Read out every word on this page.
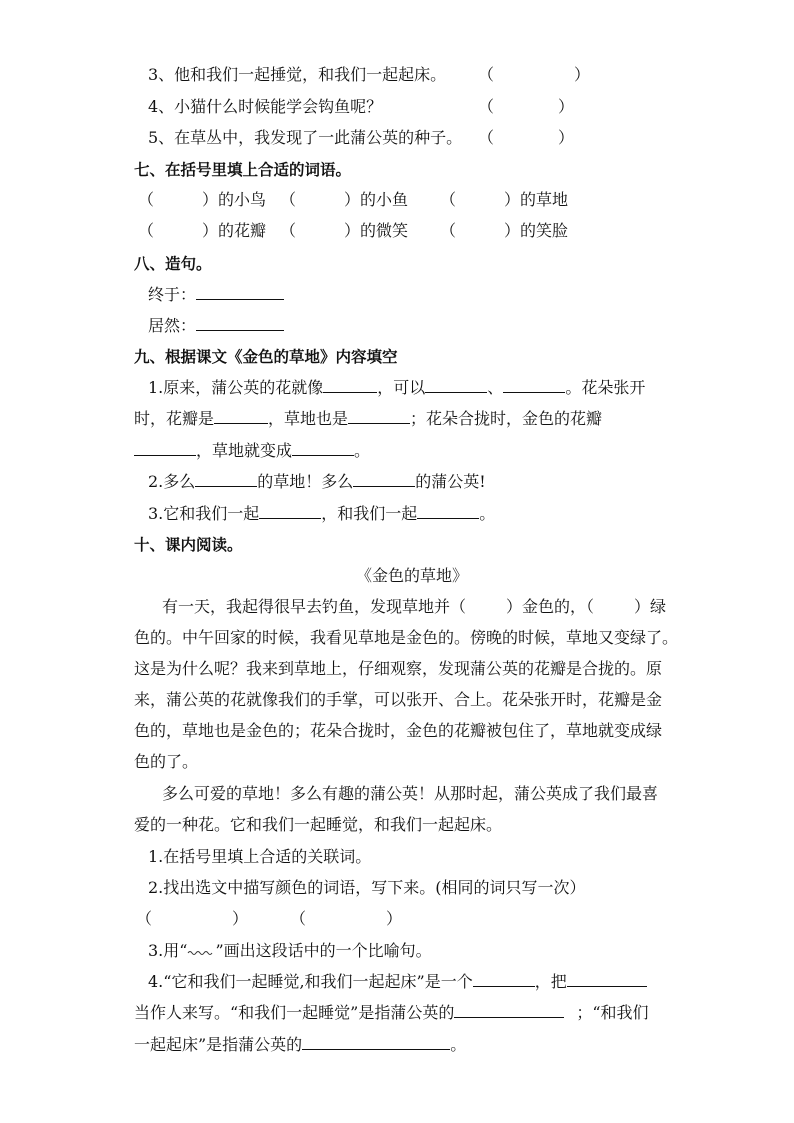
3、他和我们一起捶觉，和我们一起起床。 （　　　　　）
4、小猫什么时候能学会钩鱼呢？	（　　　　）
5、在草丛中，我发现了一此蒲公英的种子。 （　　　　）
七、在括号里填上合适的词语。
（　　　）的小鸟 （　　　）的小鱼 （　　　）的草地
（　　　）的花瓣 （　　　）的微笑 （　　　）的笑脸
八、造句。
终于：
居然：
九、根据课文《金色的草地》内容填空
1.原来，蒲公英的花就像	，可以	、	。花朵张开
时，花瓣是	，草地也是	；花朵合拢时，金色的花瓣
，草地就变成	。
2.多么	的草地！多么	的蒲公英!
3.它和我们一起	，和我们一起	。
十、课内阅读。
《金色的草地》
有一天，我起得很早去钓鱼，发现草地并（	）金色的，（	）绿
色的。中午回家的时候，我看见草地是金色的。傍晚的时候，草地又变绿了。
这是为什么呢？我来到草地上，仔细观察，发现蒲公英的花瓣是合拢的。原
来，蒲公英的花就像我们的手掌，可以张开、合上。花朵张开时，花瓣是金
色的，草地也是金色的；花朵合拢时，金色的花瓣被包住了，草地就变成绿
色的了。
多么可爱的草地！多么有趣的蒲公英！从那时起，蒲公英成了我们最喜
爱的一种花。它和我们一起睡觉，和我们一起起床。
1.在括号里填上合适的关联词。
2.找出选文中描写颜色的词语，写下来。(相同的词只写一次）
（　　　　　）	（　　　　　）
3.用“ ”画出这段话中的一个比喻句。
4.“它和我们一起睡觉,和我们一起起床”是一个	，把
当作人来写。“和我们一起睡觉”是指蒲公英的	；“和我们
一起起床”是指蒲公英的	。
